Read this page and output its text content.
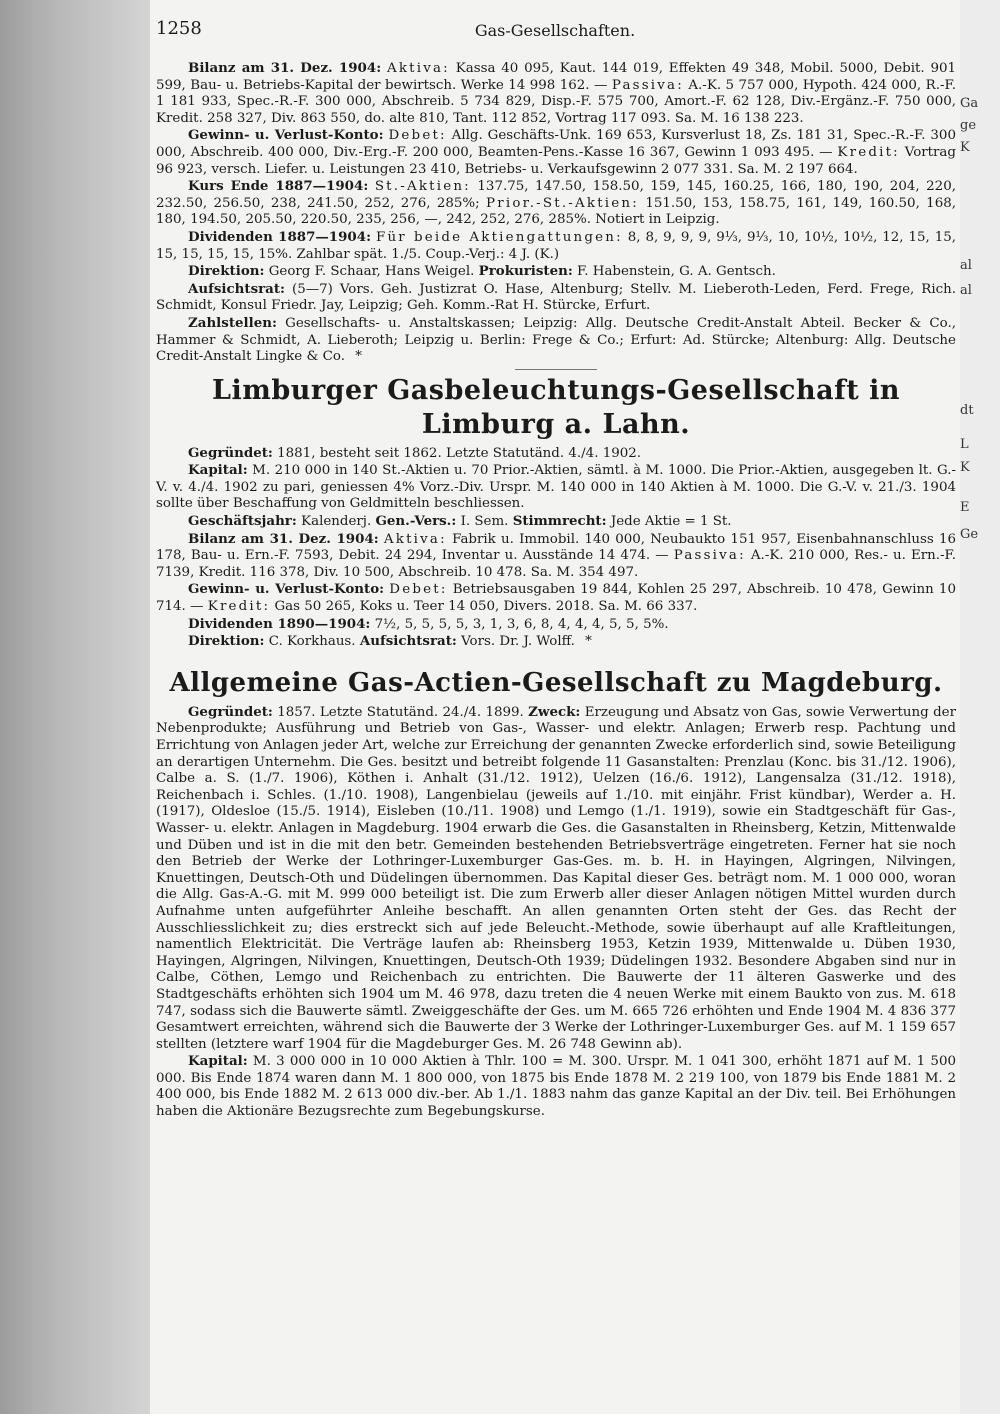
Ga
ge
K
al
al
dt
L
K
E
Ge
1258	Gas-Gesellschaften.

Bilanz am 31. Dez. 1904: Aktiva: Kassa 40 095, Kaut. 144 019, Effekten 49 348, Mobil. 5000, Debit. 901 599, Bau- u. Betriebs-Kapital der bewirtsch. Werke 14 998 162. — Passiva: A.-K. 5 757 000, Hypoth. 424 000, R.-F. 1 181 933, Spec.-R.-F. 300 000, Abschreib. 5 734 829, Disp.-F. 575 700, Amort.-F. 62 128, Div.-Ergänz.-F. 750 000, Kredit. 258 327, Div. 863 550, do. alte 810, Tant. 112 852, Vortrag 117 093. Sa. M. 16 138 223.

Gewinn- u. Verlust-Konto: Debet: Allg. Geschäfts-Unk. 169 653, Kursverlust 18, Zs. 181 31, Spec.-R.-F. 300 000, Abschreib. 400 000, Div.-Erg.-F. 200 000, Beamten-Pens.-Kasse 16 367, Gewinn 1 093 495. — Kredit: Vortrag 96 923, versch. Liefer. u. Leistungen 23 410, Betriebs- u. Verkaufsgewinn 2 077 331. Sa. M. 2 197 664.

Kurs Ende 1887—1904: St.-Aktien: 137.75, 147.50, 158.50, 159, 145, 160.25, 166, 180, 190, 204, 220, 232.50, 256.50, 238, 241.50, 252, 276, 285%; Prior.-St.-Aktien: 151.50, 153, 158.75, 161, 149, 160.50, 168, 180, 194.50, 205.50, 220.50, 235, 256, —, 242, 252, 276, 285%. Notiert in Leipzig.

Dividenden 1887—1904: Für beide Aktiengattungen: 8, 8, 9, 9, 9, 9⅓, 9⅓, 10, 10½, 10½, 12, 15, 15, 15, 15, 15, 15, 15%. Zahlbar spät. 1./5. Coup.-Verj.: 4 J. (K.)

Direktion: Georg F. Schaar, Hans Weigel. Prokuristen: F. Habenstein, G. A. Gentsch.

Aufsichtsrat: (5—7) Vors. Geh. Justizrat O. Hase, Altenburg; Stellv. M. Lieberoth-Leden, Ferd. Frege, Rich. Schmidt, Konsul Friedr. Jay, Leipzig; Geh. Komm.-Rat H. Stürcke, Erfurt.

Zahlstellen: Gesellschafts- u. Anstaltskassen; Leipzig: Allg. Deutsche Credit-Anstalt Abteil. Becker & Co., Hammer & Schmidt, A. Lieberoth; Leipzig u. Berlin: Frege & Co.; Erfurt: Ad. Stürcke; Altenburg: Allg. Deutsche Credit-Anstalt Lingke & Co. *

Limburger Gasbeleuchtungs-Gesellschaft in Limburg a. Lahn.

Gegründet: 1881, besteht seit 1862. Letzte Statutänd. 4./4. 1902.

Kapital: M. 210 000 in 140 St.-Aktien u. 70 Prior.-Aktien, sämtl. à M. 1000. Die Prior.-Aktien, ausgegeben lt. G.-V. v. 4./4. 1902 zu pari, geniessen 4% Vorz.-Div. Urspr. M. 140 000 in 140 Aktien à M. 1000. Die G.-V. v. 21./3. 1904 sollte über Beschaffung von Geldmitteln beschliessen.

Geschäftsjahr: Kalenderj. Gen.-Vers.: I. Sem. Stimmrecht: Jede Aktie = 1 St.

Bilanz am 31. Dez. 1904: Aktiva: Fabrik u. Immobil. 140 000, Neubaukto 151 957, Eisenbahnanschluss 16 178, Bau- u. Ern.-F. 7593, Debit. 24 294, Inventar u. Ausstände 14 474. — Passiva: A.-K. 210 000, Res.- u. Ern.-F. 7139, Kredit. 116 378, Div. 10 500, Abschreib. 10 478. Sa. M. 354 497.

Gewinn- u. Verlust-Konto: Debet: Betriebsausgaben 19 844, Kohlen 25 297, Abschreib. 10 478, Gewinn 10 714. — Kredit: Gas 50 265, Koks u. Teer 14 050, Divers. 2018. Sa. M. 66 337.

Dividenden 1890—1904: 7½, 5, 5, 5, 5, 3, 1, 3, 6, 8, 4, 4, 4, 5, 5, 5%.

Direktion: C. Korkhaus. Aufsichtsrat: Vors. Dr. J. Wolff. *

Allgemeine Gas-Actien-Gesellschaft zu Magdeburg.

Gegründet: 1857. Letzte Statutänd. 24./4. 1899. Zweck: Erzeugung und Absatz von Gas, sowie Verwertung der Nebenprodukte; Ausführung und Betrieb von Gas-, Wasser- und elektr. Anlagen; Erwerb resp. Pachtung und Errichtung von Anlagen jeder Art, welche zur Erreichung der genannten Zwecke erforderlich sind, sowie Beteiligung an derartigen Unternehm. Die Ges. besitzt und betreibt folgende 11 Gasanstalten: Prenzlau (Konc. bis 31./12. 1906), Calbe a. S. (1./7. 1906), Köthen i. Anhalt (31./12. 1912), Uelzen (16./6. 1912), Langensalza (31./12. 1918), Reichenbach i. Schles. (1./10. 1908), Langenbielau (jeweils auf 1./10. mit einjähr. Frist kündbar), Werder a. H. (1917), Oldesloe (15./5. 1914), Eisleben (10./11. 1908) und Lemgo (1./1. 1919), sowie ein Stadtgeschäft für Gas-, Wasser- u. elektr. Anlagen in Magdeburg. 1904 erwarb die Ges. die Gasanstalten in Rheinsberg, Ketzin, Mittenwalde und Düben und ist in die mit den betr. Gemeinden bestehenden Betriebsverträge eingetreten. Ferner hat sie noch den Betrieb der Werke der Lothringer-Luxemburger Gas-Ges. m. b. H. in Hayingen, Algringen, Nilvingen, Knuettingen, Deutsch-Oth und Düdelingen übernommen. Das Kapital dieser Ges. beträgt nom. M. 1 000 000, woran die Allg. Gas-A.-G. mit M. 999 000 beteiligt ist. Die zum Erwerb aller dieser Anlagen nötigen Mittel wurden durch Aufnahme unten aufgeführter Anleihe beschafft. An allen genannten Orten steht der Ges. das Recht der Ausschliesslichkeit zu; dies erstreckt sich auf jede Beleucht.-Methode, sowie überhaupt auf alle Kraftleitungen, namentlich Elektricität. Die Verträge laufen ab: Rheinsberg 1953, Ketzin 1939, Mittenwalde u. Düben 1930, Hayingen, Algringen, Nilvingen, Knuettingen, Deutsch-Oth 1939; Düdelingen 1932. Besondere Abgaben sind nur in Calbe, Cöthen, Lemgo und Reichenbach zu entrichten. Die Bauwerte der 11 älteren Gaswerke und des Stadtgeschäfts erhöhten sich 1904 um M. 46 978, dazu treten die 4 neuen Werke mit einem Baukto von zus. M. 618 747, sodass sich die Bauwerte sämtl. Zweiggeschäfte der Ges. um M. 665 726 erhöhten und Ende 1904 M. 4 836 377 Gesamtwert erreichten, während sich die Bauwerte der 3 Werke der Lothringer-Luxemburger Ges. auf M. 1 159 657 stellten (letztere warf 1904 für die Magdeburger Ges. M. 26 748 Gewinn ab).

Kapital: M. 3 000 000 in 10 000 Aktien à Thlr. 100 = M. 300. Urspr. M. 1 041 300, erhöht 1871 auf M. 1 500 000. Bis Ende 1874 waren dann M. 1 800 000, von 1875 bis Ende 1878 M. 2 219 100, von 1879 bis Ende 1881 M. 2 400 000, bis Ende 1882 M. 2 613 000 div.-ber. Ab 1./1. 1883 nahm das ganze Kapital an der Div. teil. Bei Erhöhungen haben die Aktionäre Bezugsrechte zum Begebungskurse.
